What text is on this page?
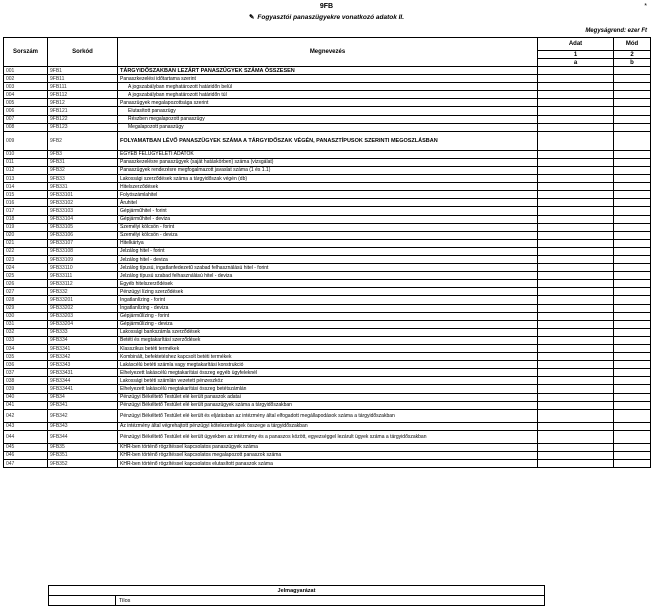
9FB
✎ Fogyasztói panaszügyekre vonatkozó adatok II.
*
Megyságrend: ezer Ft
Sorszám	Sorkód	Megnevezés	Adat	Mód
			1	2
			a	b
001	9FB1	TÁRGYIDŐSZAKBAN LEZÁRT PANASZÜGYEK SZÁMA ÖSSZESEN		
002	9FB11	Panaszkezelési időtartama szerint		
003	9FB111	A jogszabályban meghatározott határidőn belül		
004	9FB112	A jogszabályban meghatározott határidőn túl		
005	9FB12	Panaszügyek megalapozottsága szerint		
006	9FB121	Elutasított panaszügy		
007	9FB122	Részben megalapozott panaszügy		
008	9FB123	Megalapozott panaszügy		
009	9FB2	FOLYAMATBAN LÉVŐ PANASZÜGYEK SZÁMA A TÁRGYIDŐSZAK VÉGÉN, PANASZTÍPUSOK SZERINTI MEGOSZLÁSBAN		
010	9FB3	EGYÉB FELÜGYELETI ADATOK		
011	9FB31	Panaszkezelésre panaszügyek (saját hatáskörben) száma (vizsgálat)		
012	9FB32	Panaszügyek rendezésre megfogalmazott javaslat száma (1 és 1.1)		
013	9FB33	Lakossági szerződések száma a tárgyidőszak végén (db)		
014	9FB331	Hitelszerződések		
015	9FB33101	Folyószámlahitel		
016	9FB33102	Áruhitel		
017	9FB33103	Gépjárműhitel - forint		
018	9FB33104	Gépjárműhitel - deviza		
019	9FB33105	Személyi kölcsön - forint		
020	9FB33106	Személyi kölcsön - deviza		
021	9FB33107	Hitelkártya		
022	9FB33108	Jelzálog hitel - forint		
023	9FB33109	Jelzálog hitel - deviza		
024	9FB33110	Jelzálog típusú, ingatlanfedezetű szabad felhasználású hitel - forint		
025	9FB33111	Jelzálog típusú szabad felhasználású hitel - deviza		
026	9FB33112	Egyéb hitelszerződések		
027	9FB332	Pénzügyi lízing szerződések		
028	9FB33201	Ingatlanlízing - forint		
029	9FB33202	Ingatlanlízing - deviza		
030	9FB33203	Gépjárműlízing - forint		
031	9FB33204	Gépjárműlízing - deviza		
032	9FB333	Lakossági bankszámla szerződések		
033	9FB334	Betéti és megtakarítási szerződések		
034	9FB3341	Klasszikus betéti termékek		
035	9FB3342	Kombinált, befektetéshez kapcsolt betéti termékek		
036	9FB3343	Lakáscélú betéti számla vagy megtakarítási konstrukció		
037	9FB33431	Elhelyezett lakáscélú megtakarítási összeg egyéb ügyfeleknél		
038	9FB3344	Lakossági betéti számlán vezetett pénzeszköz		
039	9FB33441	Elhelyezett lakáscélú megtakarítási összeg betétszámlán		
040	9FB34	Pénzügyi Békéltető Testület elé került panaszok adatai		
041	9FB341	Pénzügyi Békéltető Testület elé került panaszügyek száma a tárgyidőszakban		
042	9FB342	Pénzügyi Békéltető Testület elé került és eljárásban az intézmény által elfogadott megállapodások száma a tárgyidőszakban		
043	9FB343	Az intézmény által végrehajtott pénzügyi kötelezettségek összege a tárgyidőszakban		
044	9FB344	Pénzügyi Békéltető Testület elé került ügyekben az intézmény és a panaszos között, egyezséggel lezárult ügyek száma a tárgyidőszakban		
045	9FB35	KHR-ben történő rögzítéssel kapcsolatos panaszügyek száma		
046	9FB351	KHR-ben történő rögzítéssel kapcsolatos megalapozott panaszok száma		
047	9FB352	KHR-ben történő rögzítéssel kapcsolatos elutasított panaszok száma		
Jelmagyarázat
	Tilos
